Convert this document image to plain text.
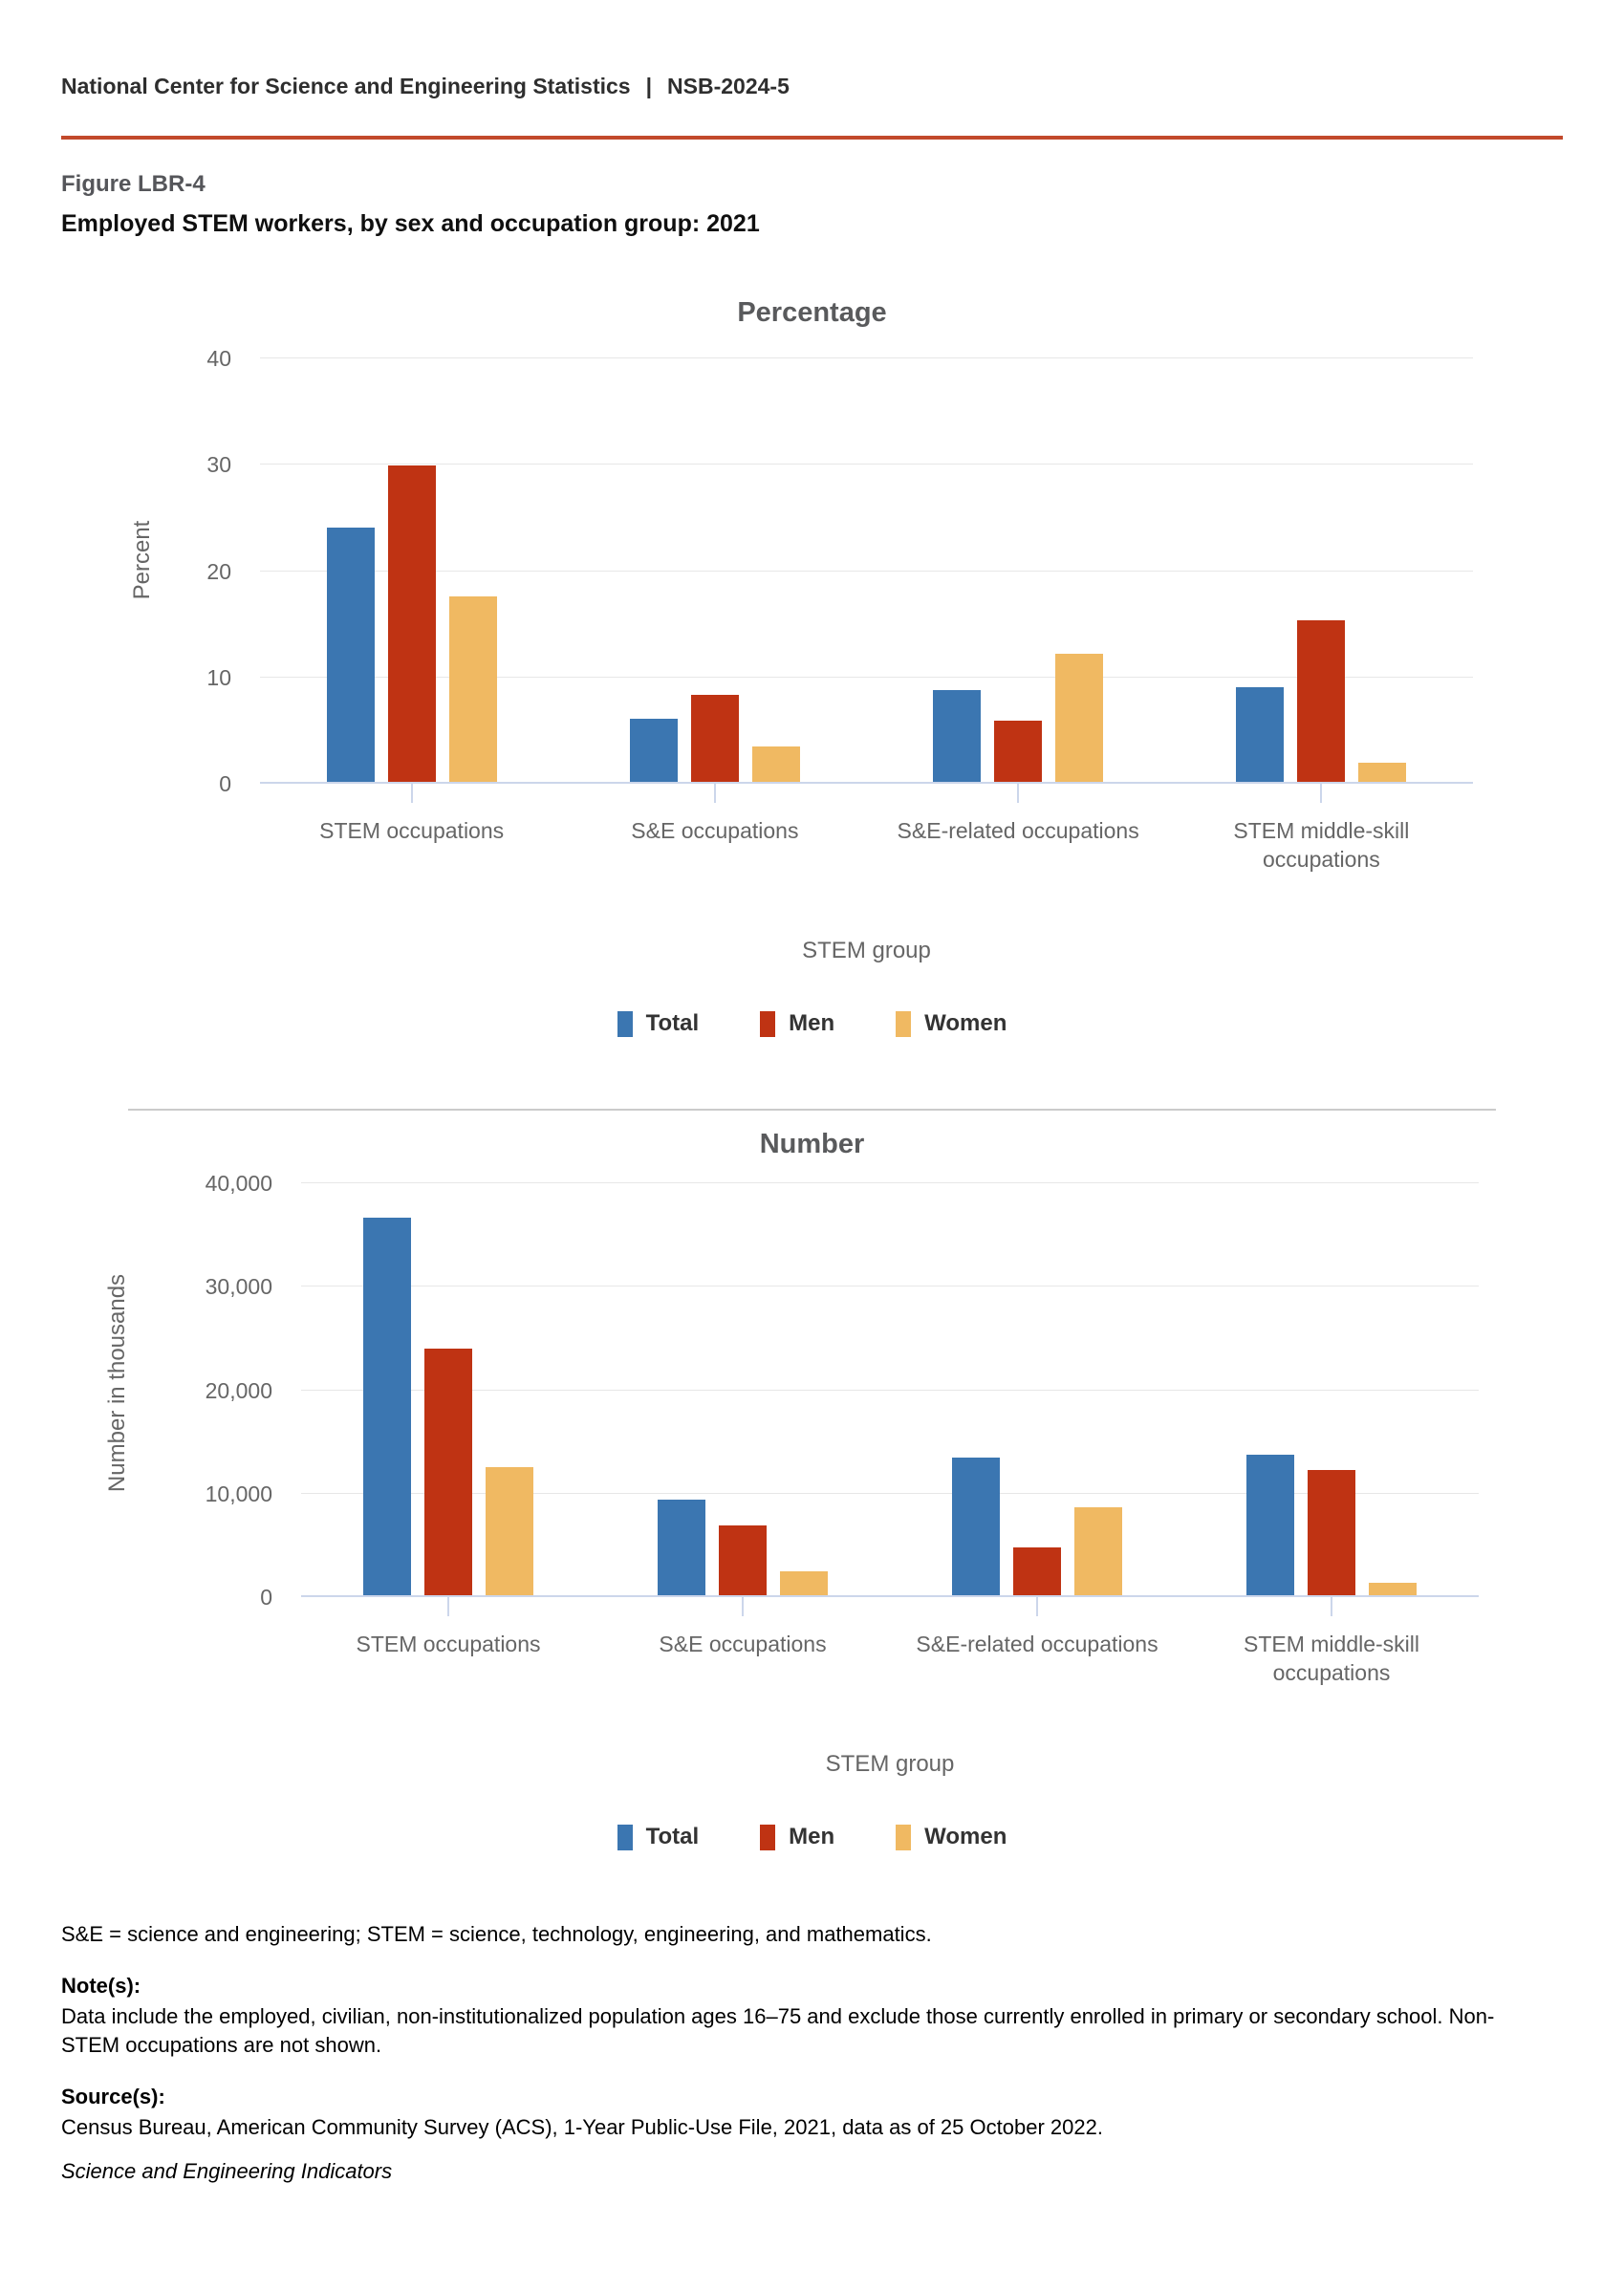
National Center for Science and Engineering Statistics | NSB-2024-5
Figure LBR-4
Employed STEM workers, by sex and occupation group: 2021
Percentage
Percent
0
10
20
30
40
STEM occupations	S&E occupations	S&E-related occupations	STEM middle-skill occupations
STEM group
Total	Men	Women
Number
Number in thousands
0
10,000
20,000
30,000
40,000
STEM occupations	S&E occupations	S&E-related occupations	STEM middle-skill occupations
STEM group
Total	Men	Women

S&E = science and engineering; STEM = science, technology, engineering, and mathematics.

Note(s):

Data include the employed, civilian, non-institutionalized population ages 16–75 and exclude those currently enrolled in primary or secondary school. Non-STEM occupations are not shown.

Source(s):

Census Bureau, American Community Survey (ACS), 1-Year Public-Use File, 2021, data as of 25 October 2022.

Science and Engineering Indicators
